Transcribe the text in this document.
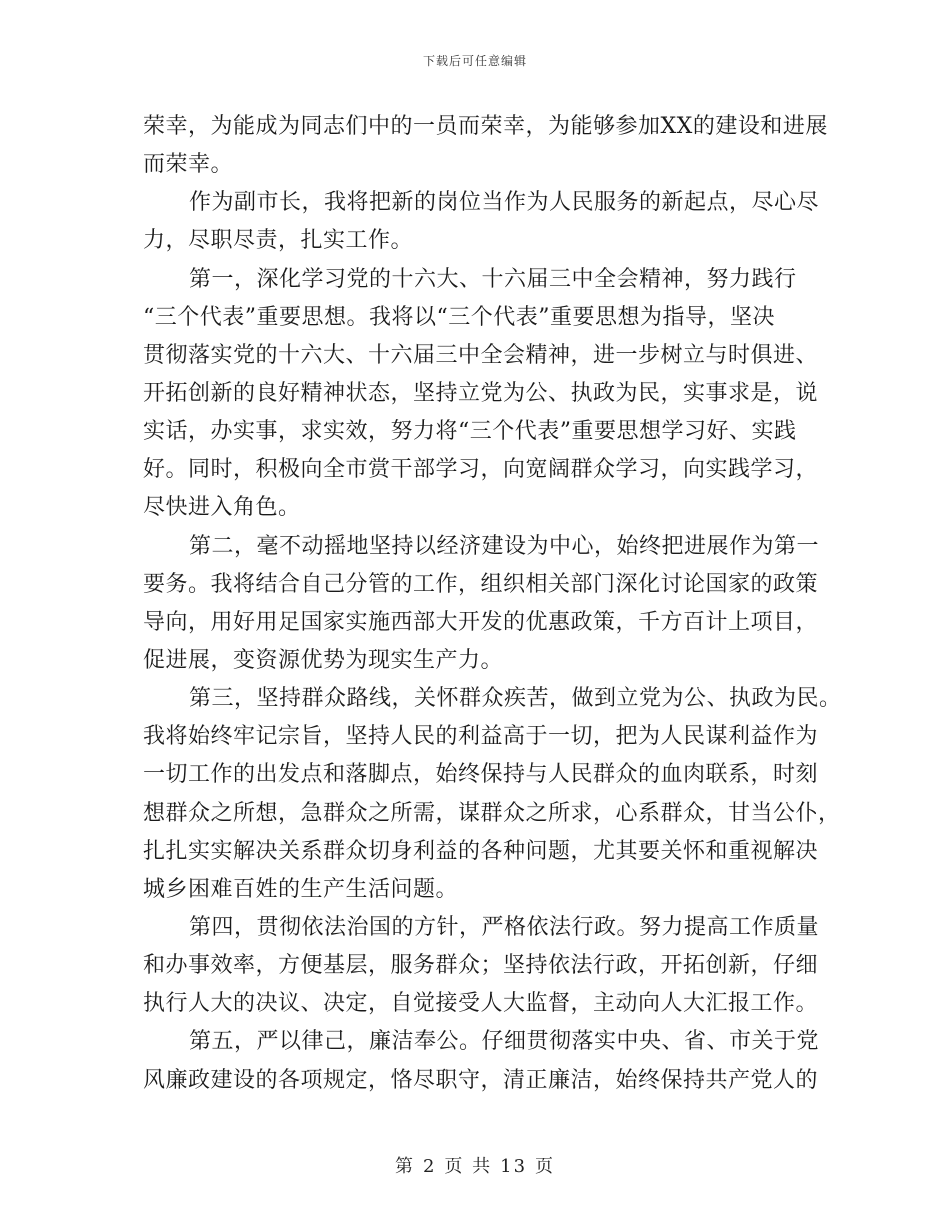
下载后可任意编辑
荣幸，为能成为同志们中的一员而荣幸，为能够参加XX的建设和进展
而荣幸。
作为副市长，我将把新的岗位当作为人民服务的新起点，尽心尽
力，尽职尽责，扎实工作。
第一，深化学习党的十六大、十六届三中全会精神，努力践行
“三个代表”重要思想。我将以“三个代表”重要思想为指导，坚决
贯彻落实党的十六大、十六届三中全会精神，进一步树立与时俱进、
开拓创新的良好精神状态，坚持立党为公、执政为民，实事求是，说
实话，办实事，求实效，努力将“三个代表”重要思想学习好、实践
好。同时，积极向全市赏干部学习，向宽阔群众学习，向实践学习，
尽快进入角色。
第二，毫不动摇地坚持以经济建设为中心，始终把进展作为第一
要务。我将结合自己分管的工作，组织相关部门深化讨论国家的政策
导向，用好用足国家实施西部大开发的优惠政策，千方百计上项目，
促进展，变资源优势为现实生产力。
第三，坚持群众路线，关怀群众疾苦，做到立党为公、执政为民。
我将始终牢记宗旨，坚持人民的利益高于一切，把为人民谋利益作为
一切工作的出发点和落脚点，始终保持与人民群众的血肉联系，时刻
想群众之所想，急群众之所需，谋群众之所求，心系群众，甘当公仆，
扎扎实实解决关系群众切身利益的各种问题，尤其要关怀和重视解决
城乡困难百姓的生产生活问题。
第四，贯彻依法治国的方针，严格依法行政。努力提高工作质量
和办事效率，方便基层，服务群众；坚持依法行政，开拓创新，仔细
执行人大的决议、决定，自觉接受人大监督，主动向人大汇报工作。
第五，严以律己，廉洁奉公。仔细贯彻落实中央、省、市关于党
风廉政建设的各项规定，恪尽职守，清正廉洁，始终保持共产党人的
第 2 页 共 13 页
